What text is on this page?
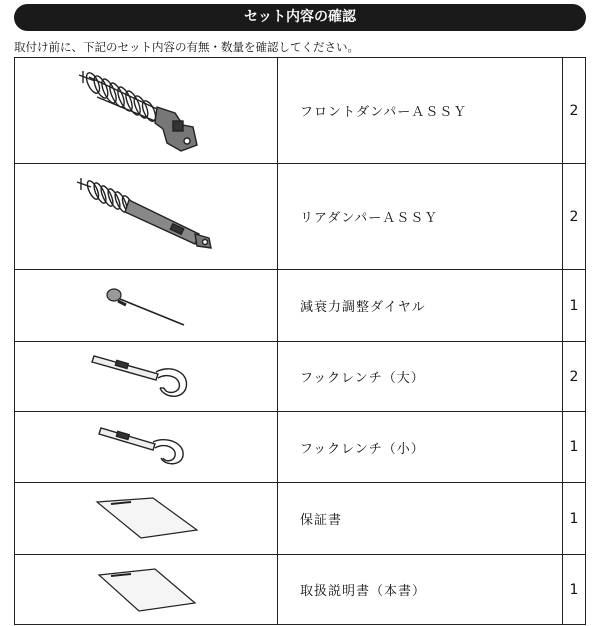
セット内容の確認
取付け前に、下記のセット内容の有無・数量を確認してください。
	フロントダンパーＡＳＳＹ	2

	リアダンパーＡＳＳＹ	2

	減衰力調整ダイヤル	1

	フックレンチ（大）	2

	フックレンチ（小）	1

	保証書	1

	取扱説明書（本書）	1
